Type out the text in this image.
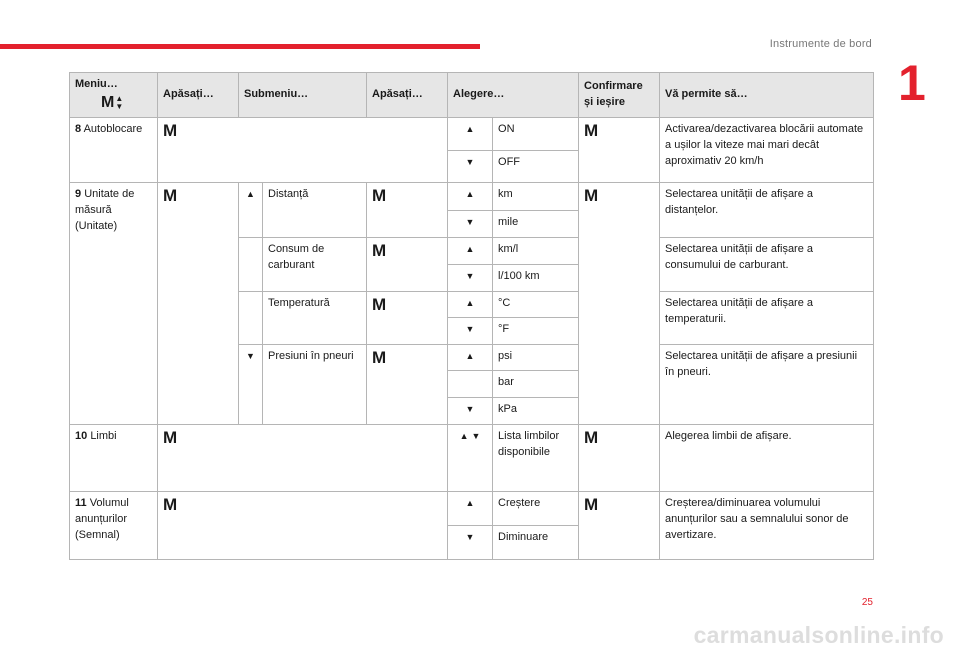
Instrumente de bord
1
Meniu…
M ▲
▼	Apăsați…	Submeniu…		Apăsați…	Alegere…		Confirmare și ieșire	Vă permite să…
8 Autoblocare	M				▲	ON	M	Activarea/dezactivarea blocării automate a ușilor la viteze mai mari decât aproximativ 20 km/h
					▼	OFF		
9 Unitate de măsură (Unitate)	M	▲	Distanță	M	▲	km	M	Selectarea unității de afișare a distanțelor.
					▼	mile		
			Consum de carburant	M	▲	km/l		Selectarea unității de afișare a consumului de carburant.
					▼	l/100 km		
			Temperatură	M	▲	°C		Selectarea unității de afișare a temperaturii.
					▼	°F		
		▼	Presiuni în pneuri	M	▲	psi		Selectarea unității de afișare a presiunii în pneuri.
						bar		
					▼	kPa		
10 Limbi	M				▲ ▼	Lista limbilor disponibile	M	Alegerea limbii de afișare.
11 Volumul anunțurilor (Semnal)	M				▲	Creștere	M	Creșterea/diminuarea volumului anunțurilor sau a semnalului sonor de avertizare.
					▼	Diminuare		
25
carmanualsonline.info
